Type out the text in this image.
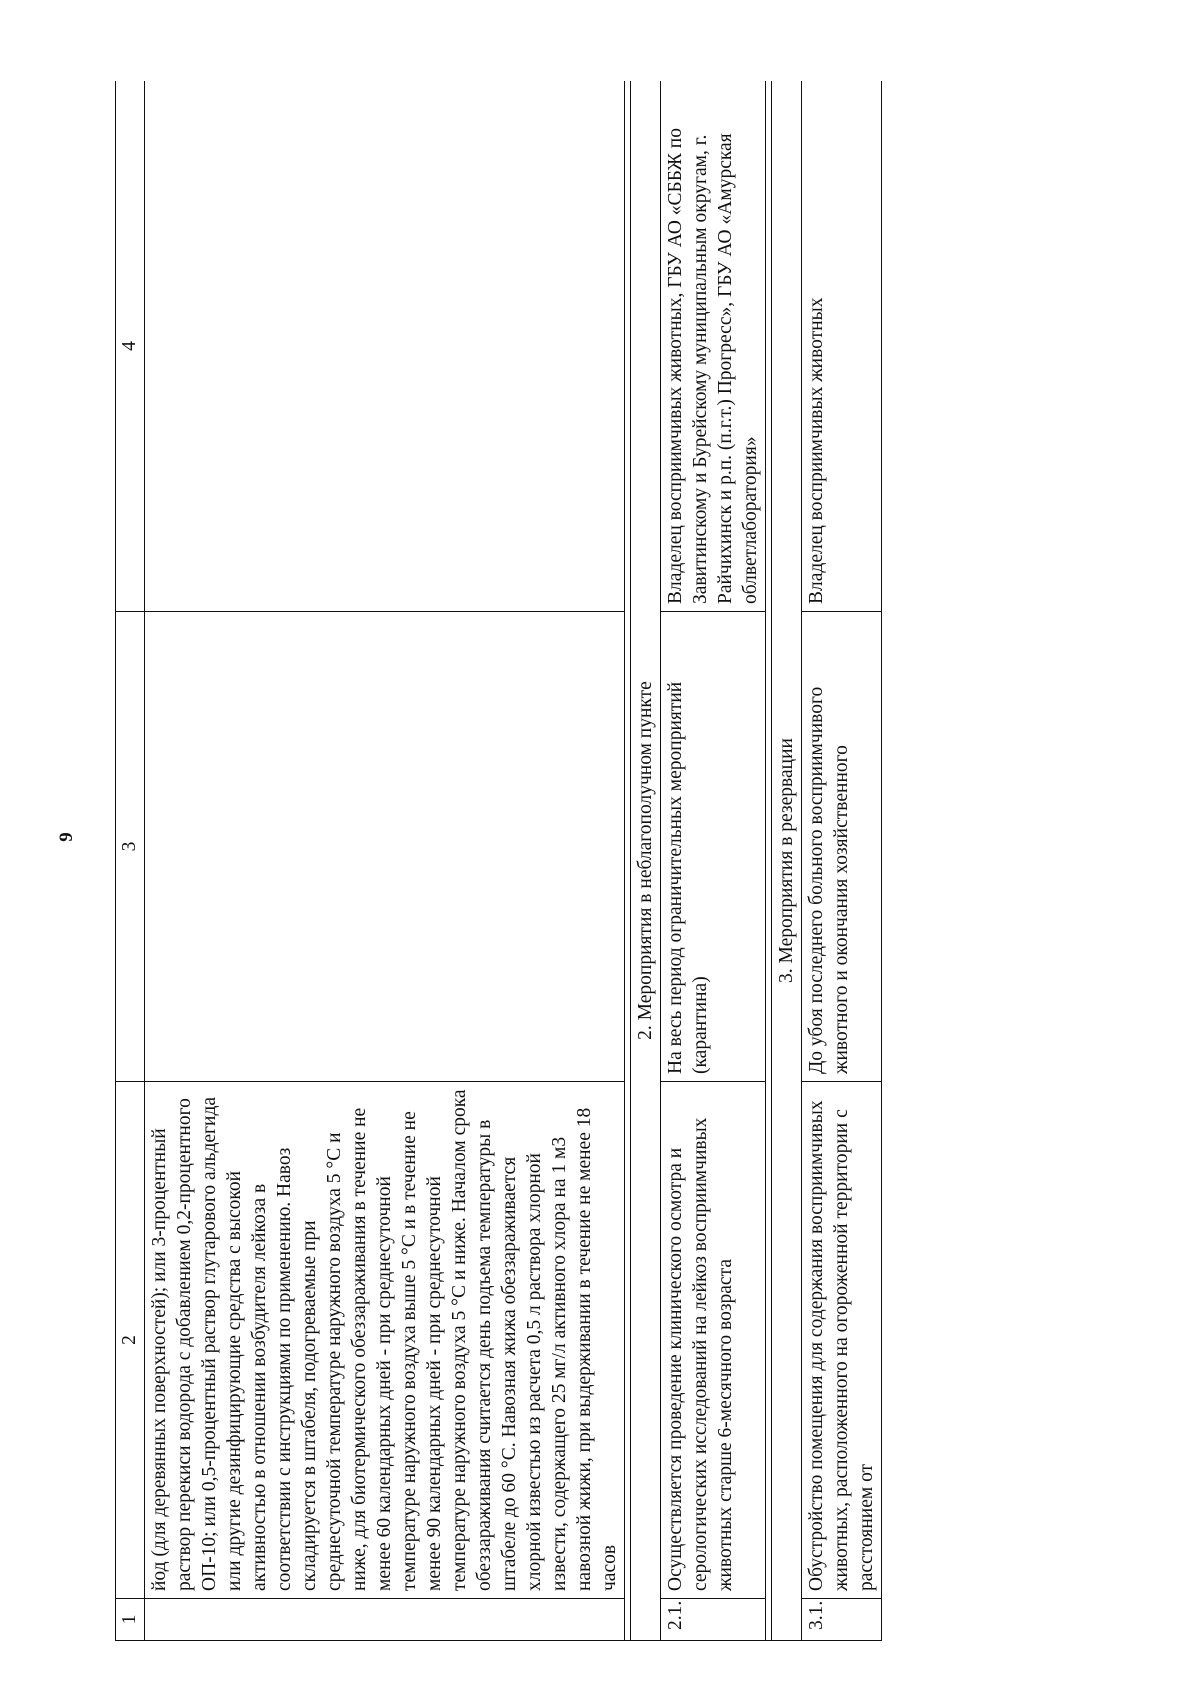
9
1	2	3	4
	йод (для деревянных поверхностей); или 3-процентный раствор перекиси водорода с добавлением 0,2-процентного ОП-10; или 0,5-процентный раствор глутарового альдегида или другие дезинфицирующие средства с высокой активностью в отношении возбудителя лейкоза в соответствии с инструкциями по применению. Навоз складируется в штабеля, подогреваемые при среднесуточной температуре наружного воздуха 5 °С и ниже, для биотермического обеззараживания в течение не менее 60 календарных дней - при среднесуточной температуре наружного воздуха выше 5 °С и в течение не менее 90 календарных дней - при среднесуточной температуре наружного воздуха 5 °С и ниже. Началом срока обеззараживания считается день подъема температуры в штабеле до 60 °С. Навозная жижа обеззараживается хлорной известью из расчета 0,5 л раствора хлорной извести, содержащего 25 мг/л активного хлора на 1 м3 навозной жижи, при выдерживании в течение не менее 18 часов		

2. Мероприятия в неблагополучном пункте			
2.1.	Осуществляется проведение клинического осмотра и серологических исследований на лейкоз восприимчивых животных старше 6-месячного возраста	На весь период ограничительных мероприятий (карантина)	Владелец восприимчивых животных, ГБУ АО «СББЖ по Завитинскому и Бурейскому муниципальным округам, г. Райчихинск и р.п. (п.г.т.) Прогресс», ГБУ АО «Амурская облветлаборатория»

3. Мероприятия в резервации			
3.1.	Обустройство помещения для содержания восприимчивых животных, расположенного на огороженной территории с расстоянием от	До убоя последнего больного восприимчивого животного и окончания хозяйственного	Владелец восприимчивых животных
